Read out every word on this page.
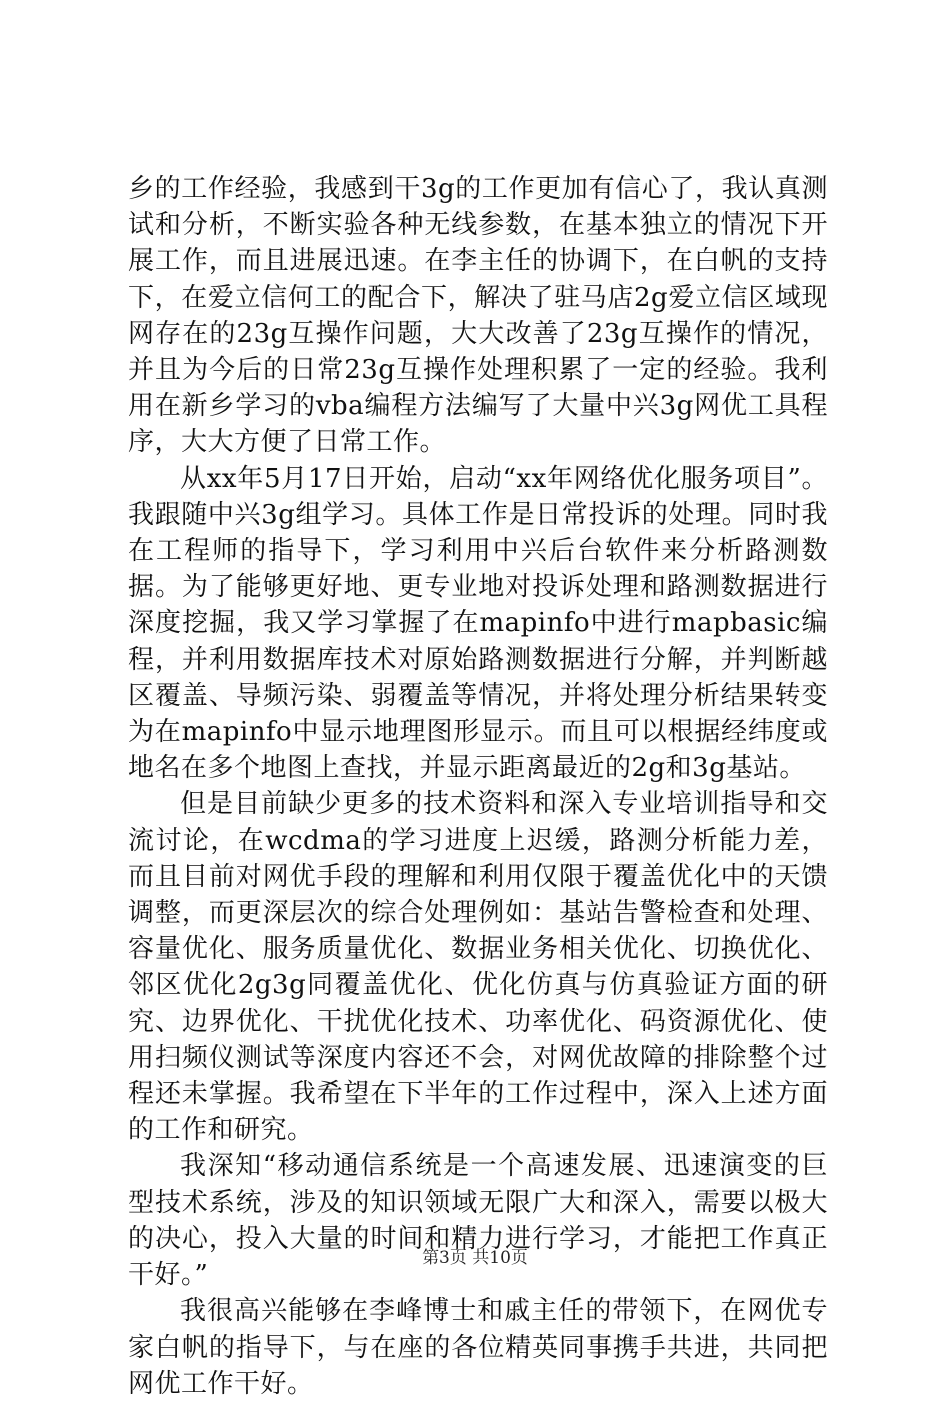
乡的工作经验，我感到干3g的工作更加有信心了，我认真测试和分析，不断实验各种无线参数，在基本独立的情况下开展工作，而且进展迅速。在李主任的协调下，在白帆的支持下，在爱立信何工的配合下，解决了驻马店2g爱立信区域现网存在的23g互操作问题，大大改善了23g互操作的情况，并且为今后的日常23g互操作处理积累了一定的经验。我利用在新乡学习的vba编程方法编写了大量中兴3g网优工具程序，大大方便了日常工作。

从xx年5月17日开始，启动“xx年网络优化服务项目”。我跟随中兴3g组学习。具体工作是日常投诉的处理。同时我在工程师的指导下，学习利用中兴后台软件来分析路测数据。为了能够更好地、更专业地对投诉处理和路测数据进行深度挖掘，我又学习掌握了在mapinfo中进行mapbasic编程，并利用数据库技术对原始路测数据进行分解，并判断越区覆盖、导频污染、弱覆盖等情况，并将处理分析结果转变为在mapinfo中显示地理图形显示。而且可以根据经纬度或地名在多个地图上查找，并显示距离最近的2g和3g基站。

但是目前缺少更多的技术资料和深入专业培训指导和交流讨论，在wcdma的学习进度上迟缓，路测分析能力差，而且目前对网优手段的理解和利用仅限于覆盖优化中的天馈调整，而更深层次的综合处理例如：基站告警检查和处理、容量优化、服务质量优化、数据业务相关优化、切换优化、邻区优化2g3g同覆盖优化、优化仿真与仿真验证方面的研究、边界优化、干扰优化技术、功率优化、码资源优化、使用扫频仪测试等深度内容还不会，对网优故障的排除整个过程还未掌握。我希望在下半年的工作过程中，深入上述方面的工作和研究。

我深知“移动通信系统是一个高速发展、迅速演变的巨型技术系统，涉及的知识领域无限广大和深入，需要以极大的决心，投入大量的时间和精力进行学习，才能把工作真正干好。”

我很高兴能够在李峰博士和戚主任的带领下，在网优专家白帆的指导下，与在座的各位精英同事携手共进，共同把网优工作干好。

第3页 共10页
